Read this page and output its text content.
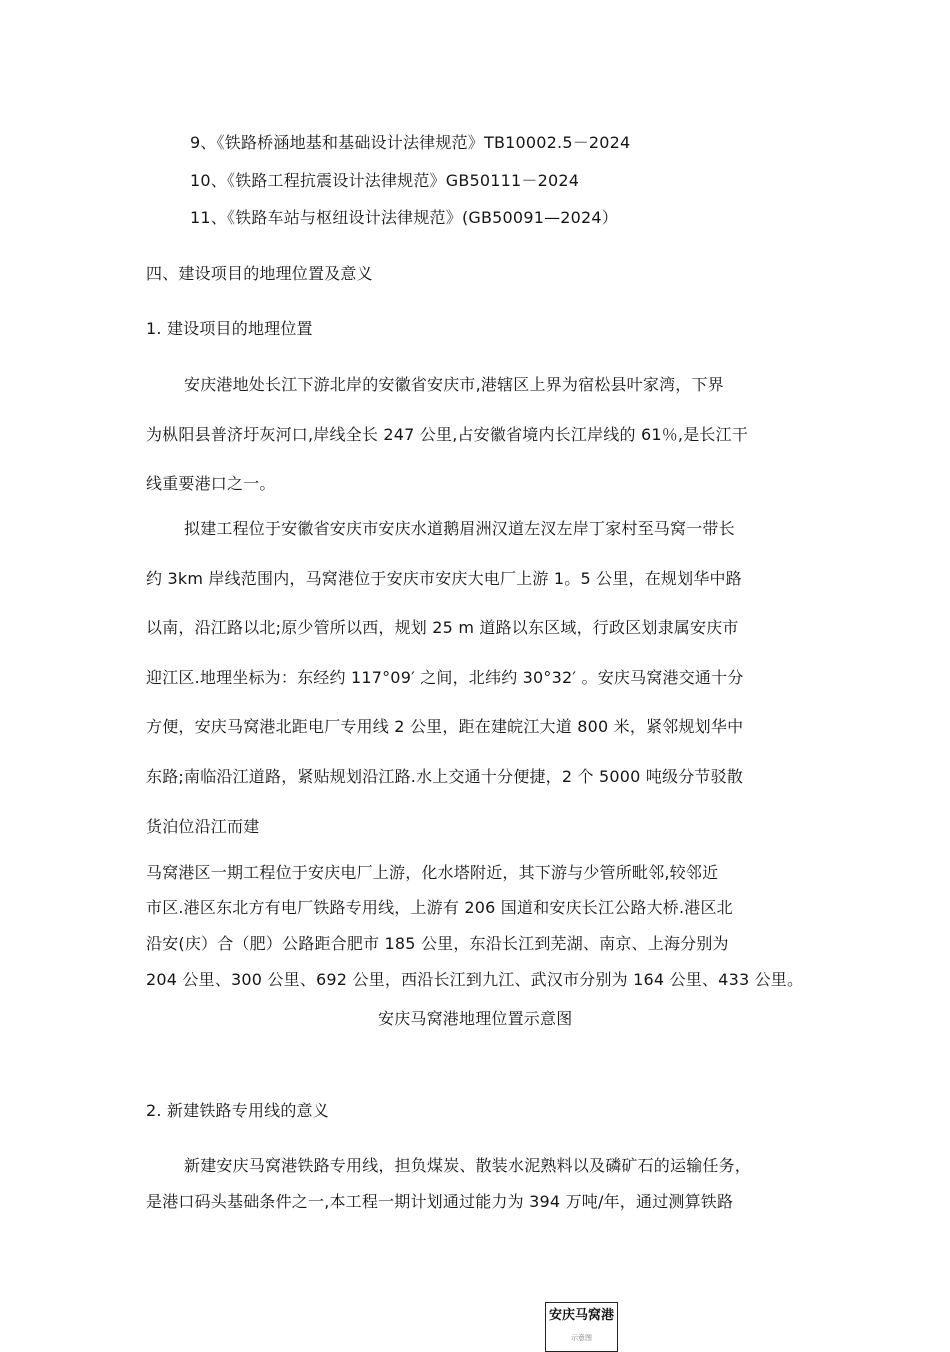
9、《铁路桥涵地基和基础设计法律规范》TB10002.5－2024
10、《铁路工程抗震设计法律规范》GB50111－2024
11、《铁路车站与枢纽设计法律规范》(GB50091—2024）
四、建设项目的地理位置及意义
1. 建设项目的地理位置
安庆港地处长江下游北岸的安徽省安庆市,港辖区上界为宿松县叶家湾，下界
为枞阳县普济圩灰河口,岸线全长 247 公里,占安徽省境内长江岸线的 61％,是长江干
线重要港口之一。
拟建工程位于安徽省安庆市安庆水道鹅眉洲汉道左汊左岸丁家村至马窝一带长
约 3km 岸线范围内，马窝港位于安庆市安庆大电厂上游 1。5 公里，在规划华中路
以南，沿江路以北;原少管所以西，规划 25 m 道路以东区域，行政区划隶属安庆市
迎江区.地理坐标为：东经约 117°09′ 之间，北纬约 30°32′ 。安庆马窝港交通十分
方便，安庆马窝港北距电厂专用线 2 公里，距在建皖江大道 800 米，紧邻规划华中
东路;南临沿江道路，紧贴规划沿江路.水上交通十分便捷，2 个 5000 吨级分节驳散
货泊位沿江而建
马窝港区一期工程位于安庆电厂上游，化水塔附近，其下游与少管所毗邻,较邻近
市区.港区东北方有电厂铁路专用线，上游有 206 国道和安庆长江公路大桥.港区北
沿安(庆）合（肥）公路距合肥市 185 公里，东沿长江到芜湖、南京、上海分别为
204 公里、300 公里、692 公里，西沿长江到九江、武汉市分别为 164 公里、433 公里。
安庆马窝港地理位置示意图
2. 新建铁路专用线的意义
新建安庆马窝港铁路专用线，担负煤炭、散装水泥熟料以及磷矿石的运输任务，
是港口码头基础条件之一,本工程一期计划通过能力为 394 万吨/年，通过测算铁路
安庆马窝港
示意图
